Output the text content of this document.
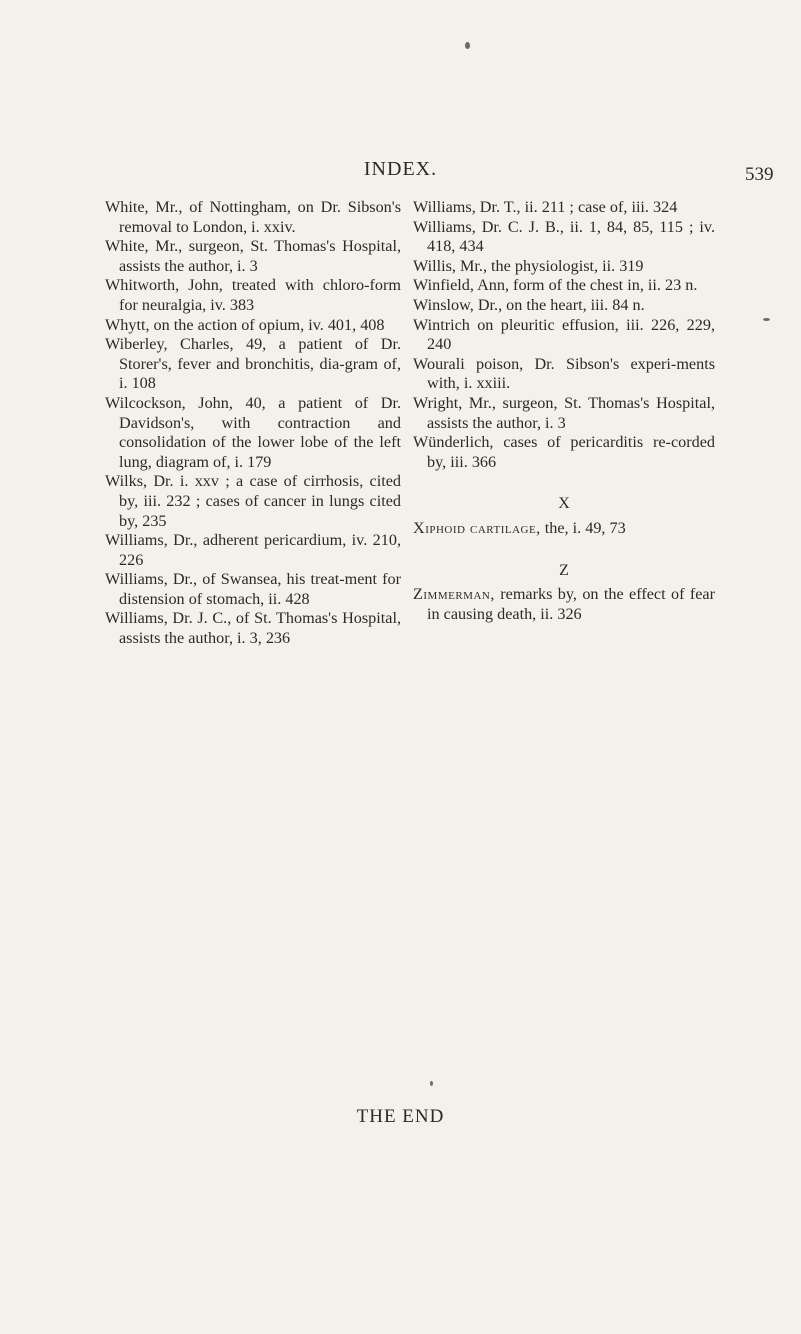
INDEX.	539

White, Mr., of Nottingham, on Dr. Sibson's removal to London, i. xxiv.

White, Mr., surgeon, St. Thomas's Hospital, assists the author, i. 3

Whitworth, John, treated with chloro-form for neuralgia, iv. 383

Whytt, on the action of opium, iv. 401, 408

Wiberley, Charles, 49, a patient of Dr. Storer's, fever and bronchitis, dia-gram of, i. 108

Wilcockson, John, 40, a patient of Dr. Davidson's, with contraction and consolidation of the lower lobe of the left lung, diagram of, i. 179

Wilks, Dr. i. xxv ; a case of cirrhosis, cited by, iii. 232 ; cases of cancer in lungs cited by, 235

Williams, Dr., adherent pericardium, iv. 210, 226

Williams, Dr., of Swansea, his treat-ment for distension of stomach, ii. 428

Williams, Dr. J. C., of St. Thomas's Hospital, assists the author, i. 3, 236

Williams, Dr. T., ii. 211 ; case of, iii. 324

Williams, Dr. C. J. B., ii. 1, 84, 85, 115 ; iv. 418, 434

Willis, Mr., the physiologist, ii. 319

Winfield, Ann, form of the chest in, ii. 23 n.

Winslow, Dr., on the heart, iii. 84 n.

Wintrich on pleuritic effusion, iii. 226, 229, 240

Wourali poison, Dr. Sibson's experi-ments with, i. xxiii.

Wright, Mr., surgeon, St. Thomas's Hospital, assists the author, i. 3

Wünderlich, cases of pericarditis re-corded by, iii. 366

X

Xiphoid cartilage, the, i. 49, 73

Z

Zimmerman, remarks by, on the effect of fear in causing death, ii. 326

THE END
